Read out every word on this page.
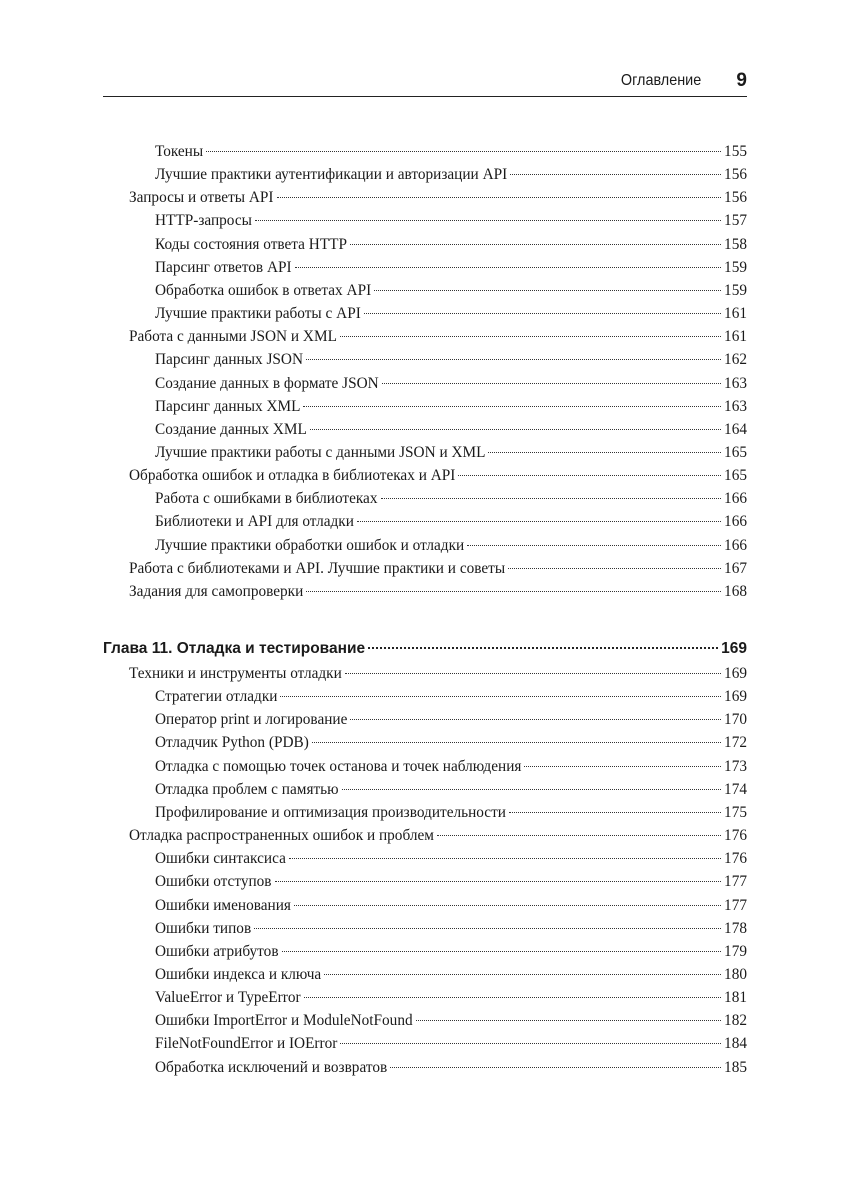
Оглавление 9
Токены	155
Лучшие практики аутентификации и авторизации API	156
Запросы и ответы API	156
HTTP-запросы	157
Коды состояния ответа HTTP	158
Парсинг ответов API	159
Обработка ошибок в ответах API	159
Лучшие практики работы с API	161
Работа с данными JSON и XML	161
Парсинг данных JSON	162
Создание данных в формате JSON	163
Парсинг данных XML	163
Создание данных XML	164
Лучшие практики работы с данными JSON и XML	165
Обработка ошибок и отладка в библиотеках и API	165
Работа с ошибками в библиотеках	166
Библиотеки и API для отладки	166
Лучшие практики обработки ошибок и отладки	166
Работа с библиотеками и API. Лучшие практики и советы	167
Задания для самопроверки	168
Глава 11. Отладка и тестирование	169
Техники и инструменты отладки	169
Стратегии отладки	169
Оператор print и логирование	170
Отладчик Python (PDB)	172
Отладка с помощью точек останова и точек наблюдения	173
Отладка проблем с памятью	174
Профилирование и оптимизация производительности	175
Отладка распространенных ошибок и проблем	176
Ошибки синтаксиса	176
Ошибки отступов	177
Ошибки именования	177
Ошибки типов	178
Ошибки атрибутов	179
Ошибки индекса и ключа	180
ValueError и TypeError	181
Ошибки ImportError и ModuleNotFound	182
FileNotFoundError и IOError	184
Обработка исключений и возвратов	185
